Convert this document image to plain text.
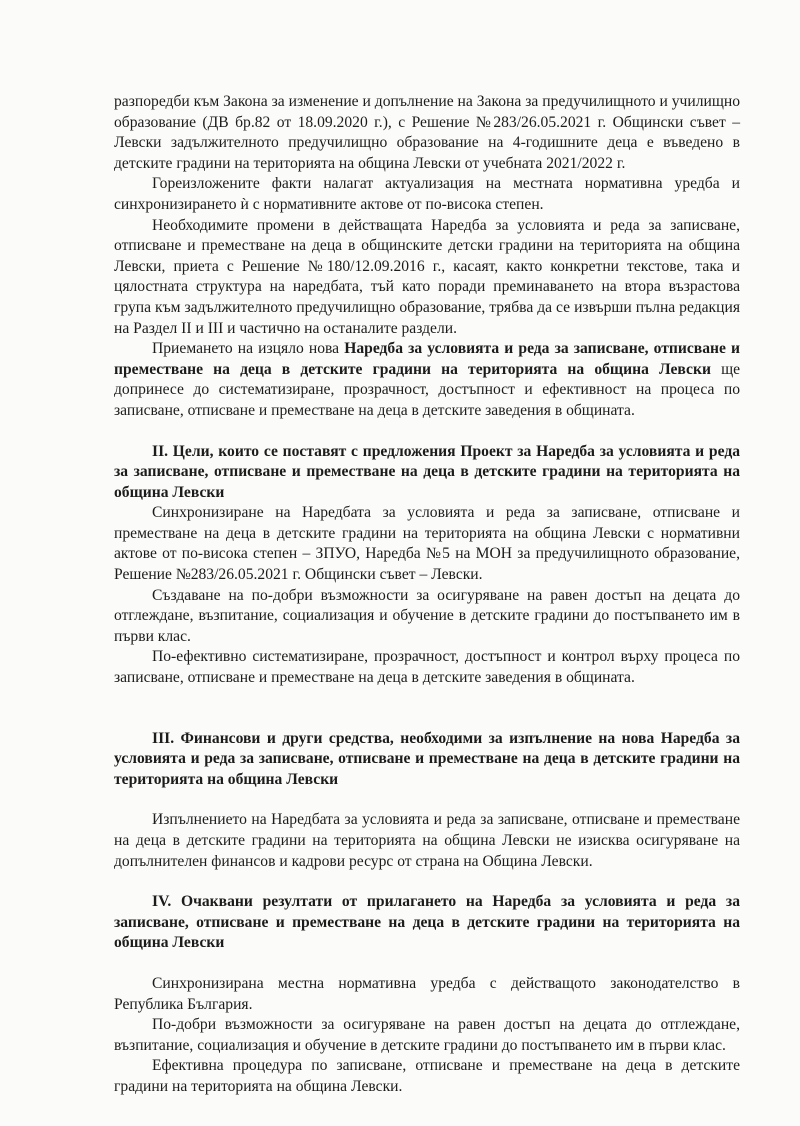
разпоредби към Закона за изменение и допълнение на Закона за предучилищното и училищно образование (ДВ бр.82 от 18.09.2020 г.), с Решение №283/26.05.2021 г. Общински съвет – Левски задължителното предучилищно образование на 4-годишните деца е въведено в детските градини на територията на община Левски от учебната 2021/2022 г.

Гореизложените факти налагат актуализация на местната нормативна уредба и синхронизирането ѝ с нормативните актове от по-висока степен.

Необходимите промени в действащата Наредба за условията и реда за записване, отписване и преместване на деца в общинските детски градини на територията на община Левски, приета с Решение №180/12.09.2016 г., касаят, както конкретни текстове, така и цялостната структура на наредбата, тъй като поради преминаването на втора възрастова група към задължителното предучилищно образование, трябва да се извърши пълна редакция на Раздел II и III и частично на останалите раздели.

Приемането на изцяло нова Наредба за условията и реда за записване, отписване и преместване на деца в детските градини на територията на община Левски ще допринесе до систематизиране, прозрачност, достъпност и ефективност на процеса по записване, отписване и преместване на деца в детските заведения в общината.

II. Цели, които се поставят с предложения Проект за Наредба за условията и реда за записване, отписване и преместване на деца в детските градини на територията на община Левски

Синхронизиране на Наредбата за условията и реда за записване, отписване и преместване на деца в детските градини на територията на община Левски с нормативни актове от по-висока степен – ЗПУО, Наредба №5 на МОН за предучилищното образование, Решение №283/26.05.2021 г. Общински съвет – Левски.

Създаване на по-добри възможности за осигуряване на равен достъп на децата до отглеждане, възпитание, социализация и обучение в детските градини до постъпването им в първи клас.

По-ефективно систематизиране, прозрачност, достъпност и контрол върху процеса по записване, отписване и преместване на деца в детските заведения в общината.

III. Финансови и други средства, необходими за изпълнение на нова Наредба за условията и реда за записване, отписване и преместване на деца в детските градини на територията на община Левски

Изпълнението на Наредбата за условията и реда за записване, отписване и преместване на деца в детските градини на територията на община Левски не изисква осигуряване на допълнителен финансов и кадрови ресурс от страна на Община Левски.

IV. Очаквани резултати от прилагането на Наредба за условията и реда за записване, отписване и преместване на деца в детските градини на територията на община Левски

Синхронизирана местна нормативна уредба с действащото законодателство в Република България.

По-добри възможности за осигуряване на равен достъп на децата до отглеждане, възпитание, социализация и обучение в детските градини до постъпването им в първи клас.

Ефективна процедура по записване, отписване и преместване на деца в детските градини на територията на община Левски.
